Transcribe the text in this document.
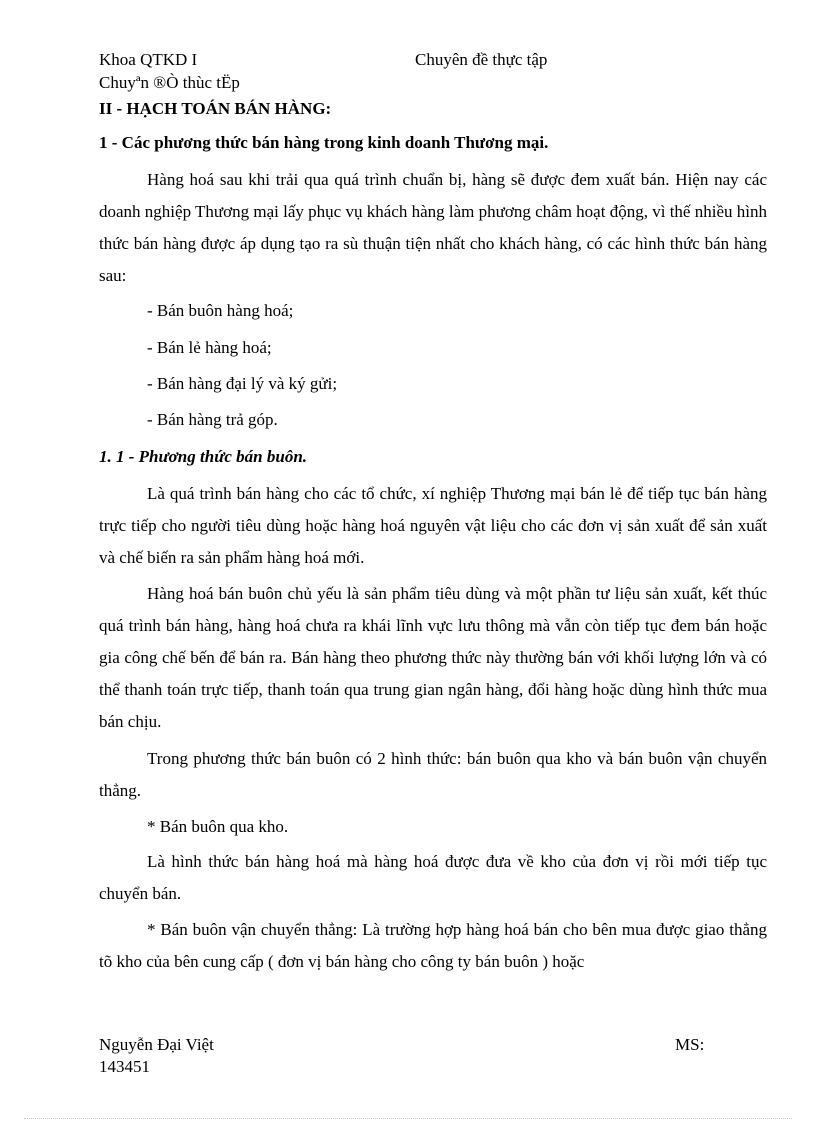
Khoa QTKD I	Chuyên đề thực tập
Chuyªn ®Ò thùc tËp
II - HẠCH TOÁN BÁN HÀNG:
1 - Các phương thức bán hàng trong kinh doanh Thương mại.
Hàng hoá sau khi trải qua quá trình chuẩn bị, hàng sẽ được đem xuất bán. Hiện nay các doanh nghiệp Thương mại lấy phục vụ khách hàng làm phương châm hoạt động, vì thế nhiều hình thức bán hàng được áp dụng tạo ra sù thuận tiện nhất cho khách hàng, có các hình thức bán hàng sau:
- Bán buôn hàng hoá;
- Bán lẻ hàng hoá;
- Bán hàng đại lý và ký gửi;
- Bán hàng trả góp.
1. 1 - Phương thức bán buôn.
Là quá trình bán hàng cho các tổ chức, xí nghiệp Thương mại bán lẻ để tiếp tục bán hàng trực tiếp cho người tiêu dùng hoặc hàng hoá nguyên vật liệu cho các đơn vị sản xuất để sản xuất và chế biến ra sản phẩm hàng hoá mới.
Hàng hoá bán buôn chủ yếu là sản phẩm tiêu dùng và một phần tư liệu sản xuất, kết thúc quá trình bán hàng, hàng hoá chưa ra khái lĩnh vực lưu thông mà vẫn còn tiếp tục đem bán hoặc gia công chế bến để bán ra. Bán hàng theo phương thức này thường bán với khối lượng lớn và có thể thanh toán trực tiếp, thanh toán qua trung gian ngân hàng, đổi hàng hoặc dùng hình thức mua bán chịu.
Trong phương thức bán buôn có 2 hình thức: bán buôn qua kho và bán buôn vận chuyển thẳng.
* Bán buôn qua kho.
Là hình thức bán hàng hoá mà hàng hoá được đưa về kho của đơn vị rồi mới tiếp tục chuyển bán.
* Bán buôn vận chuyển thẳng: Là trường hợp hàng hoá bán cho bên mua được giao thẳng tõ kho của bên cung cấp ( đơn vị bán hàng cho công ty bán buôn ) hoặc
Nguyễn Đại Việt	MS:
143451
